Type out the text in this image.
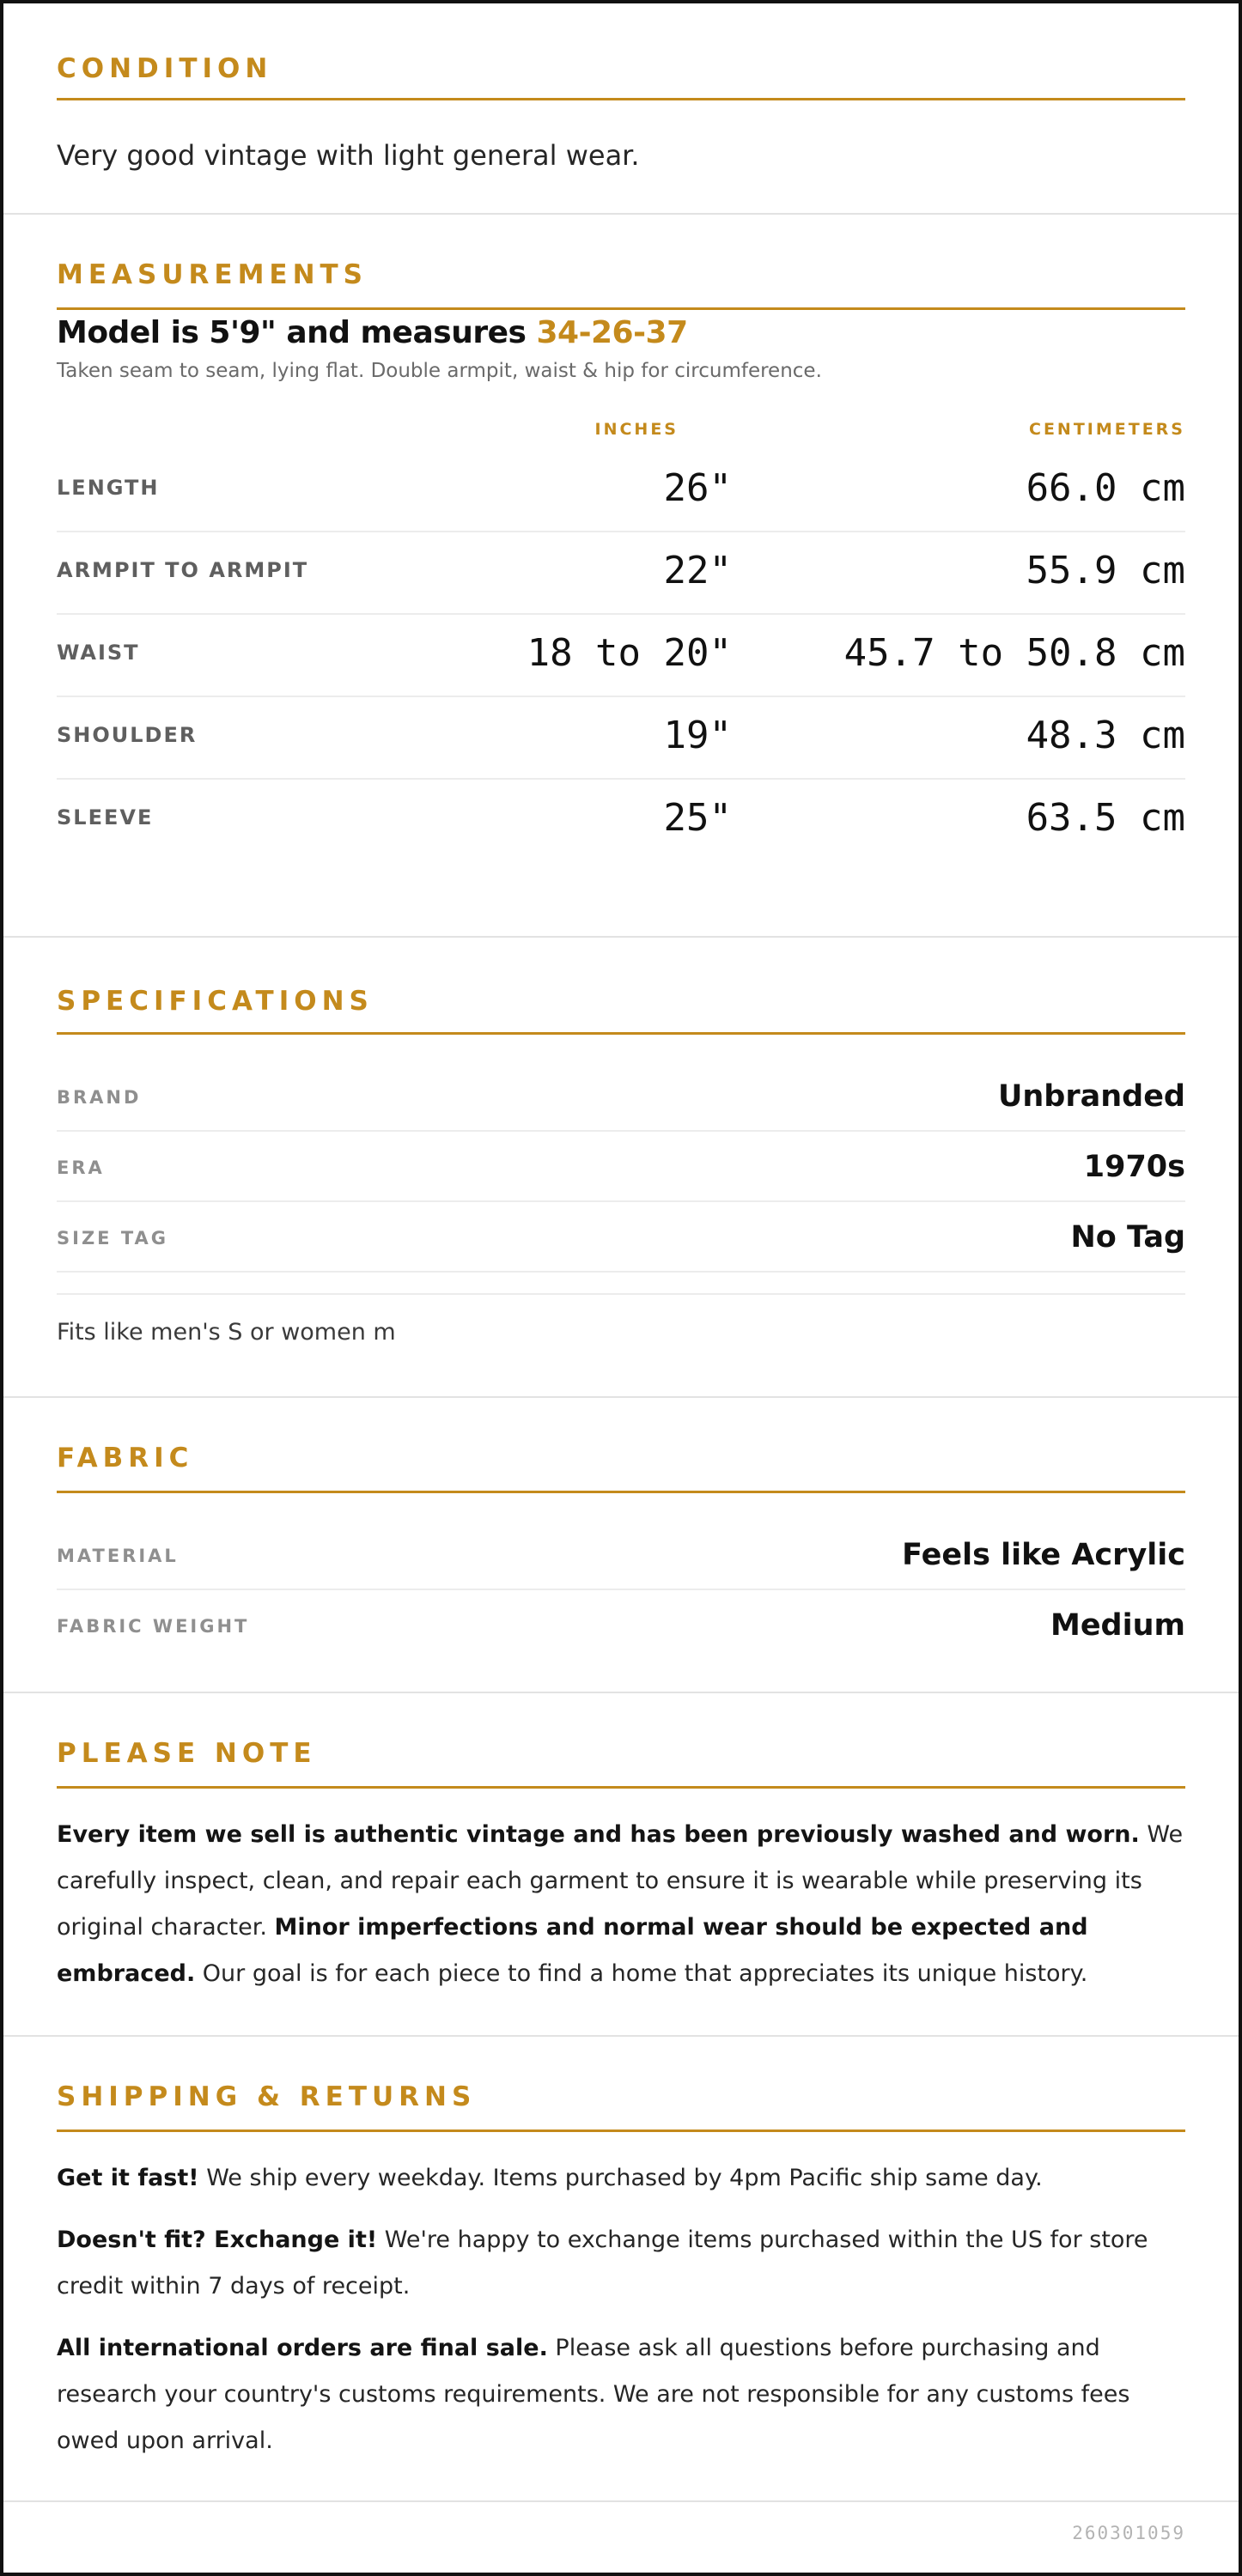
CONDITION

Very good vintage with light general wear.

MEASUREMENTS
Model is 5'9" and measures 34-26-37
Taken seam to seam, lying flat. Double armpit, waist & hip for circumference.
INCHES	CENTIMETERS
LENGTH	26"	66.0 cm
ARMPIT TO ARMPIT	22"	55.9 cm
WAIST	18 to 20"	45.7 to 50.8 cm
SHOULDER	19"	48.3 cm
SLEEVE	25"	63.5 cm
SPECIFICATIONS
BRAND	Unbranded
ERA	1970s
SIZE TAG	No Tag
Fits like men's S or women m
FABRIC
MATERIAL	Feels like Acrylic
FABRIC WEIGHT	Medium
PLEASE NOTE

Every item we sell is authentic vintage and has been previously washed and worn. We carefully inspect, clean, and repair each garment to ensure it is wearable while preserving its original character. Minor imperfections and normal wear should be expected and embraced. Our goal is for each piece to find a home that appreciates its unique history.

SHIPPING & RETURNS

Get it fast! We ship every weekday. Items purchased by 4pm Pacific ship same day.

Doesn't fit? Exchange it! We're happy to exchange items purchased within the US for store credit within 7 days of receipt.

All international orders are final sale. Please ask all questions before purchasing and research your country's customs requirements. We are not responsible for any customs fees owed upon arrival.

260301059
